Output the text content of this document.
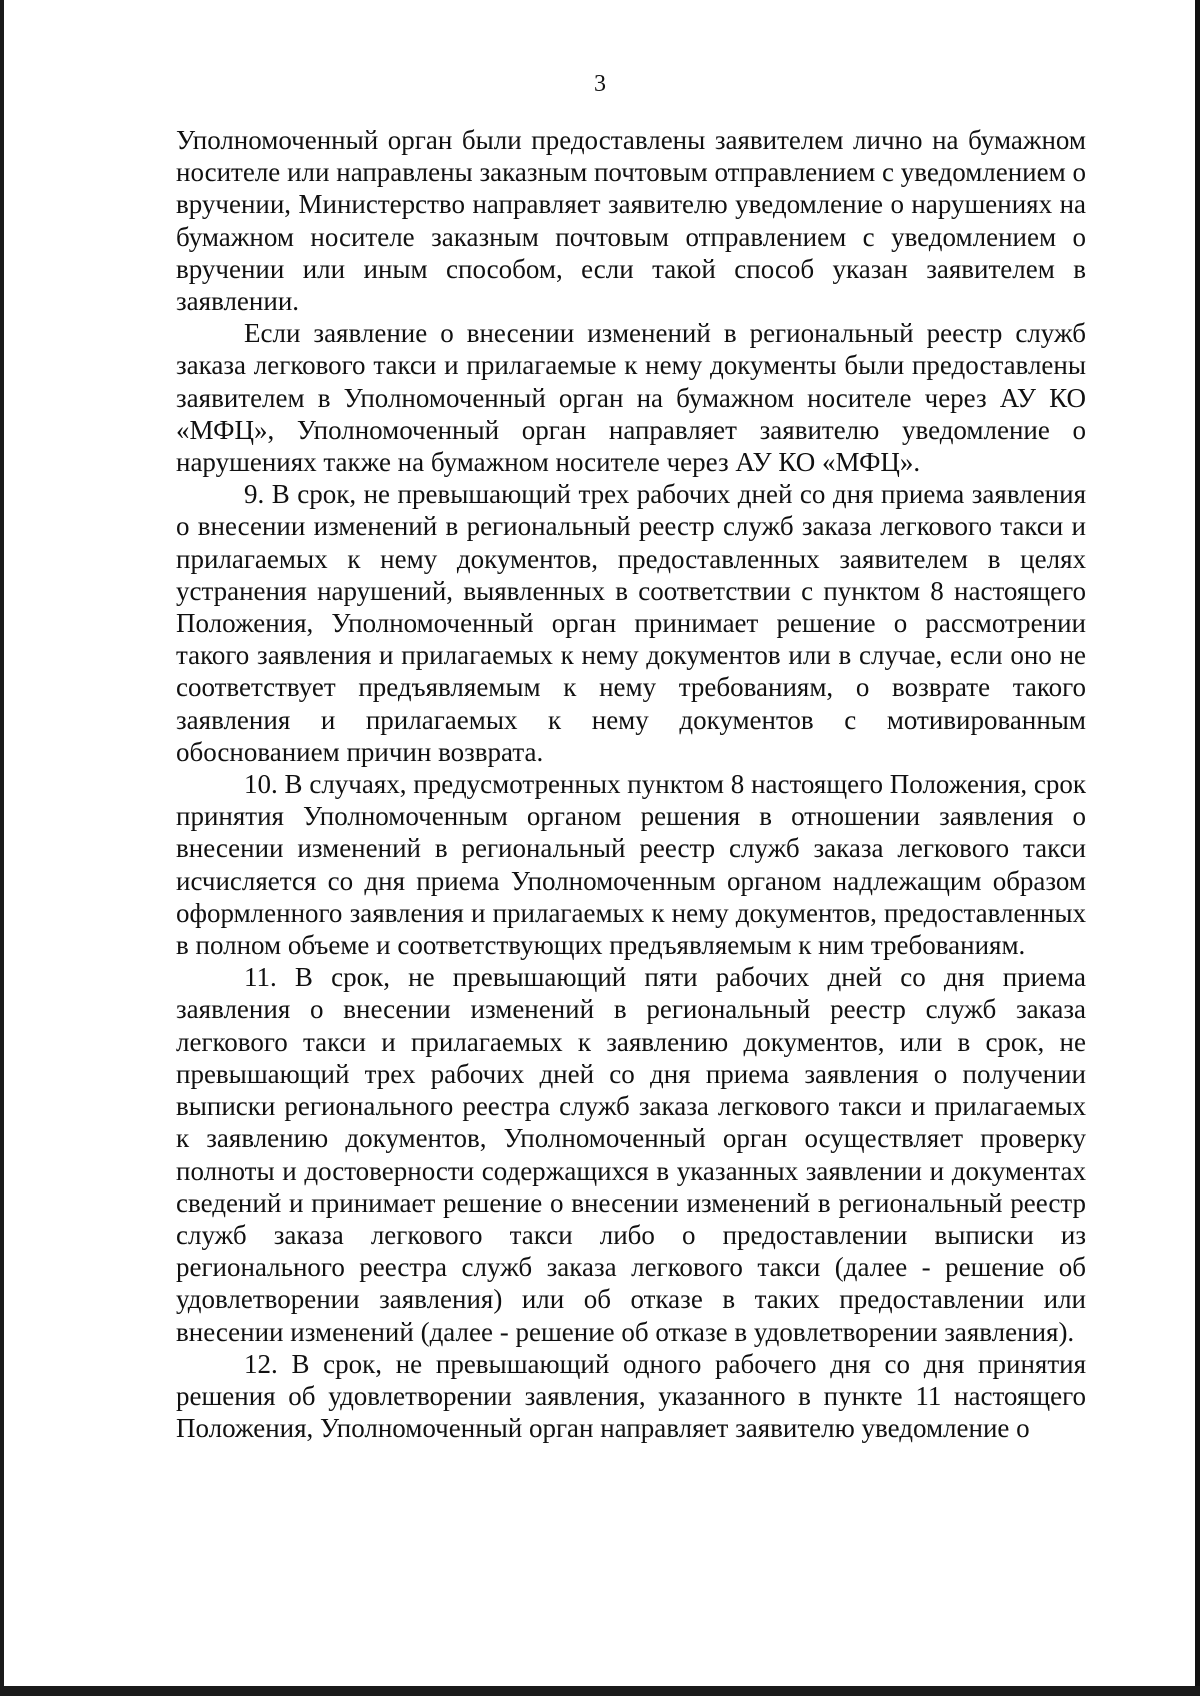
3

Уполномоченный орган были предоставлены заявителем лично на бумажном носителе или направлены заказным почтовым отправлением с уведомлением о вручении, Министерство направляет заявителю уведомление о нарушениях на бумажном носителе заказным почтовым отправлением с уведомлением о вручении или иным способом, если такой способ указан заявителем в заявлении.

Если заявление о внесении изменений в региональный реестр служб заказа легкового такси и прилагаемые к нему документы были предоставлены заявителем в Уполномоченный орган на бумажном носителе через АУ КО «МФЦ», Уполномоченный орган направляет заявителю уведомление о нарушениях также на бумажном носителе через АУ КО «МФЦ».

9. В срок, не превышающий трех рабочих дней со дня приема заявления о внесении изменений в региональный реестр служб заказа легкового такси и прилагаемых к нему документов, предоставленных заявителем в целях устранения нарушений, выявленных в соответствии с пунктом 8 настоящего Положения, Уполномоченный орган принимает решение о рассмотрении такого заявления и прилагаемых к нему документов или в случае, если оно не соответствует предъявляемым к нему требованиям, о возврате такого заявления и прилагаемых к нему документов с мотивированным обоснованием причин возврата.

10. В случаях, предусмотренных пунктом 8 настоящего Положения, срок принятия Уполномоченным органом решения в отношении заявления о внесении изменений в региональный реестр служб заказа легкового такси исчисляется со дня приема Уполномоченным органом надлежащим образом оформленного заявления и прилагаемых к нему документов, предоставленных в полном объеме и соответствующих предъявляемым к ним требованиям.

11. В срок, не превышающий пяти рабочих дней со дня приема заявления о внесении изменений в региональный реестр служб заказа легкового такси и прилагаемых к заявлению документов, или в срок, не превышающий трех рабочих дней со дня приема заявления о получении выписки регионального реестра служб заказа легкового такси и прилагаемых к заявлению документов, Уполномоченный орган осуществляет проверку полноты и достоверности содержащихся в указанных заявлении и документах сведений и принимает решение о внесении изменений в региональный реестр служб заказа легкового такси либо о предоставлении выписки из регионального реестра служб заказа легкового такси (далее - решение об удовлетворении заявления) или об отказе в таких предоставлении или внесении изменений (далее - решение об отказе в удовлетворении заявления).

12. В срок, не превышающий одного рабочего дня со дня принятия решения об удовлетворении заявления, указанного в пункте 11 настоящего Положения, Уполномоченный орган направляет заявителю уведомление о
